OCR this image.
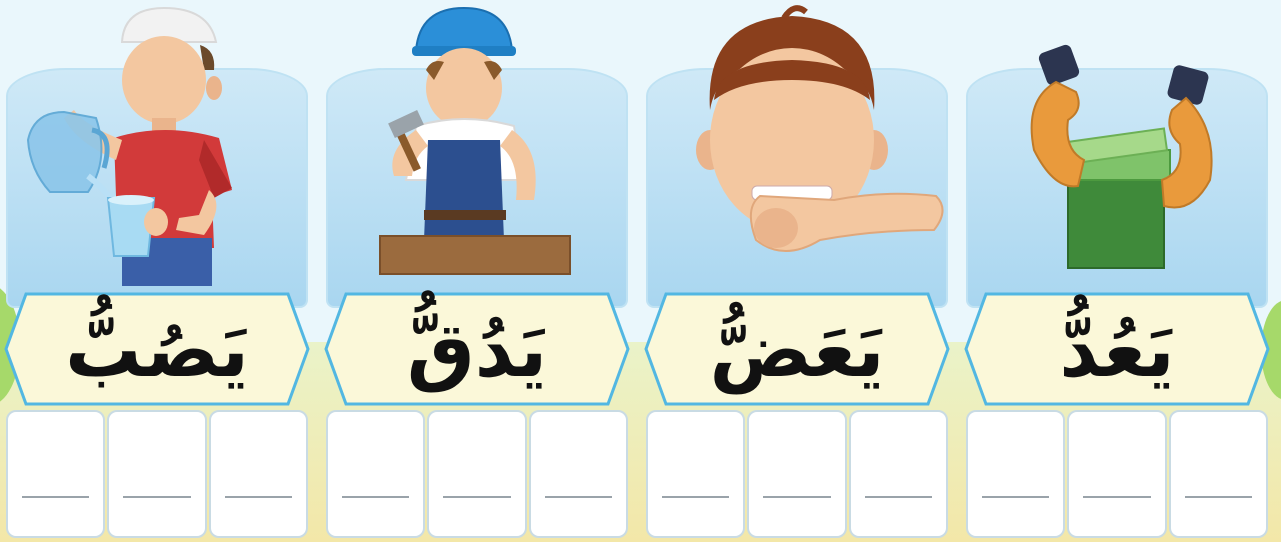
يَصُبُّ	يَدُقُّ	يَعَضُّ	يَعُدُّ
